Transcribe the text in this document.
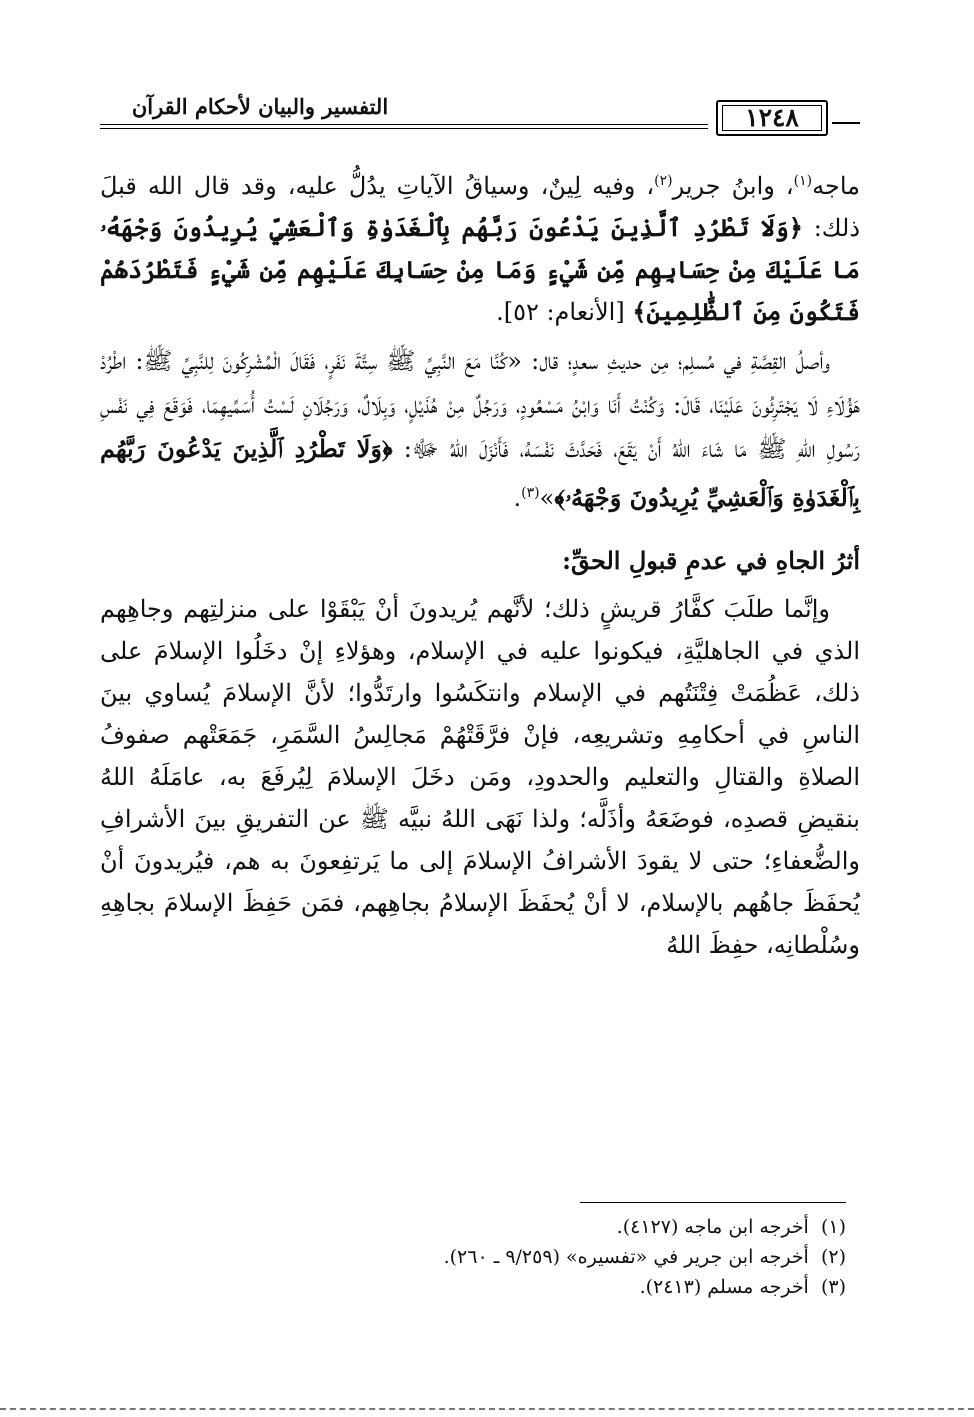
التفسير والبيان لأحكام القرآن	١٢٤٨

ماجه$^{(١)}$، وابنُ جرير$^{(٢)}$، وفيه لِينٌ، وسياقُ الآياتِ يدُلُّ عليه، وقد قال الله قبلَ ذلك: ﴿وَلَا تَطْرُدِ ٱلَّذِينَ يَدْعُونَ رَبَّهُم بِٱلْغَدَوٰةِ وَٱلْعَشِيِّ يُرِيدُونَ وَجْهَهُۥ مَا عَلَيْكَ مِنْ حِسَابِهِم مِّن شَيْءٍ وَمَا مِنْ حِسَابِكَ عَلَيْهِم مِّن شَيْءٍ فَتَطْرُدَهُمْ فَتَكُونَ مِنَ ٱلظَّٰلِمِينَ﴾ [الأنعام: ٥٢].

وأصلُ القِصَّةِ في مُسلِم؛ مِن حديثِ سعدٍ؛ قال: «كُنَّا مَعَ النَّبِيِّ ﷺ سِتَّةَ نَفَرٍ، فَقَالَ الْمُشْرِكُونَ لِلنَّبِيِّ ﷺ: اطْرُدْ هَؤُلَاءِ لَا يَجْتَرِئُونَ عَلَيْنَا، قَالَ: وَكُنْتُ أَنَا وَابْنُ مَسْعُودٍ، وَرَجُلٌ مِنْ هُذَيْلٍ، وَبِلَالٌ، وَرَجُلَانِ لَسْتُ أُسَمِّيهِمَا، فَوَقَعَ فِي نَفْسِ رَسُولِ اللهِ ﷺ مَا شَاءَ اللهُ أَنْ يَقَعَ، فَحَدَّثَ نَفْسَهُ، فَأَنْزَلَ اللهُ ﷻ: ﴿وَلَا تَطْرُدِ ٱلَّذِينَ يَدْعُونَ رَبَّهُم بِٱلْغَدَوٰةِ وَٱلْعَشِيِّ يُرِيدُونَ وَجْهَهُۥ﴾»$^{(٣)}$.

أثرُ الجاهِ في عدمِ قبولِ الحقِّ:

وإنَّما طلَبَ كفَّارُ قريشٍ ذلك؛ لأنَّهم يُريدونَ أنْ يَبْقَوْا على منزلتِهم وجاهِهم الذي في الجاهليَّةِ، فيكونوا عليه في الإسلام، وهؤلاءِ إنْ دخَلُوا الإسلامَ على ذلك، عَظُمَتْ فِتْنَتُهم في الإسلام وانتكَسُوا وارتَدُّوا؛ لأنَّ الإسلامَ يُساوي بينَ الناسِ في أحكامِهِ وتشريعِه، فإنْ فرَّقَتْهُمْ مَجالِسُ السَّمَرِ، جَمَعَتْهم صفوفُ الصلاةِ والقتالِ والتعليم والحدودِ، ومَن دخَلَ الإسلامَ لِيُرفَعَ به، عامَلَهُ اللهُ بنقيضِ قصدِه، فوضَعَهُ وأذَلَّه؛ ولذا نَهَى اللهُ نبيَّه ﷺ عن التفريقِ بينَ الأشرافِ والضُّعفاءِ؛ حتى لا يقودَ الأشرافُ الإسلامَ إلى ما يَرتفِعونَ به هم، فيُريدونَ أنْ يُحفَظَ جاهُهم بالإسلام، لا أنْ يُحفَظَ الإسلامُ بجاهِهم، فمَن حَفِظَ الإسلامَ بجاهِهِ وسُلْطانِه، حفِظَ اللهُ

(١)  أخرجه ابن ماجه (٤١٢٧).
(٢)  أخرجه ابن جرير في «تفسيره» (٩/٢٥٩ ـ ٢٦٠).
(٣)  أخرجه مسلم (٢٤١٣).
